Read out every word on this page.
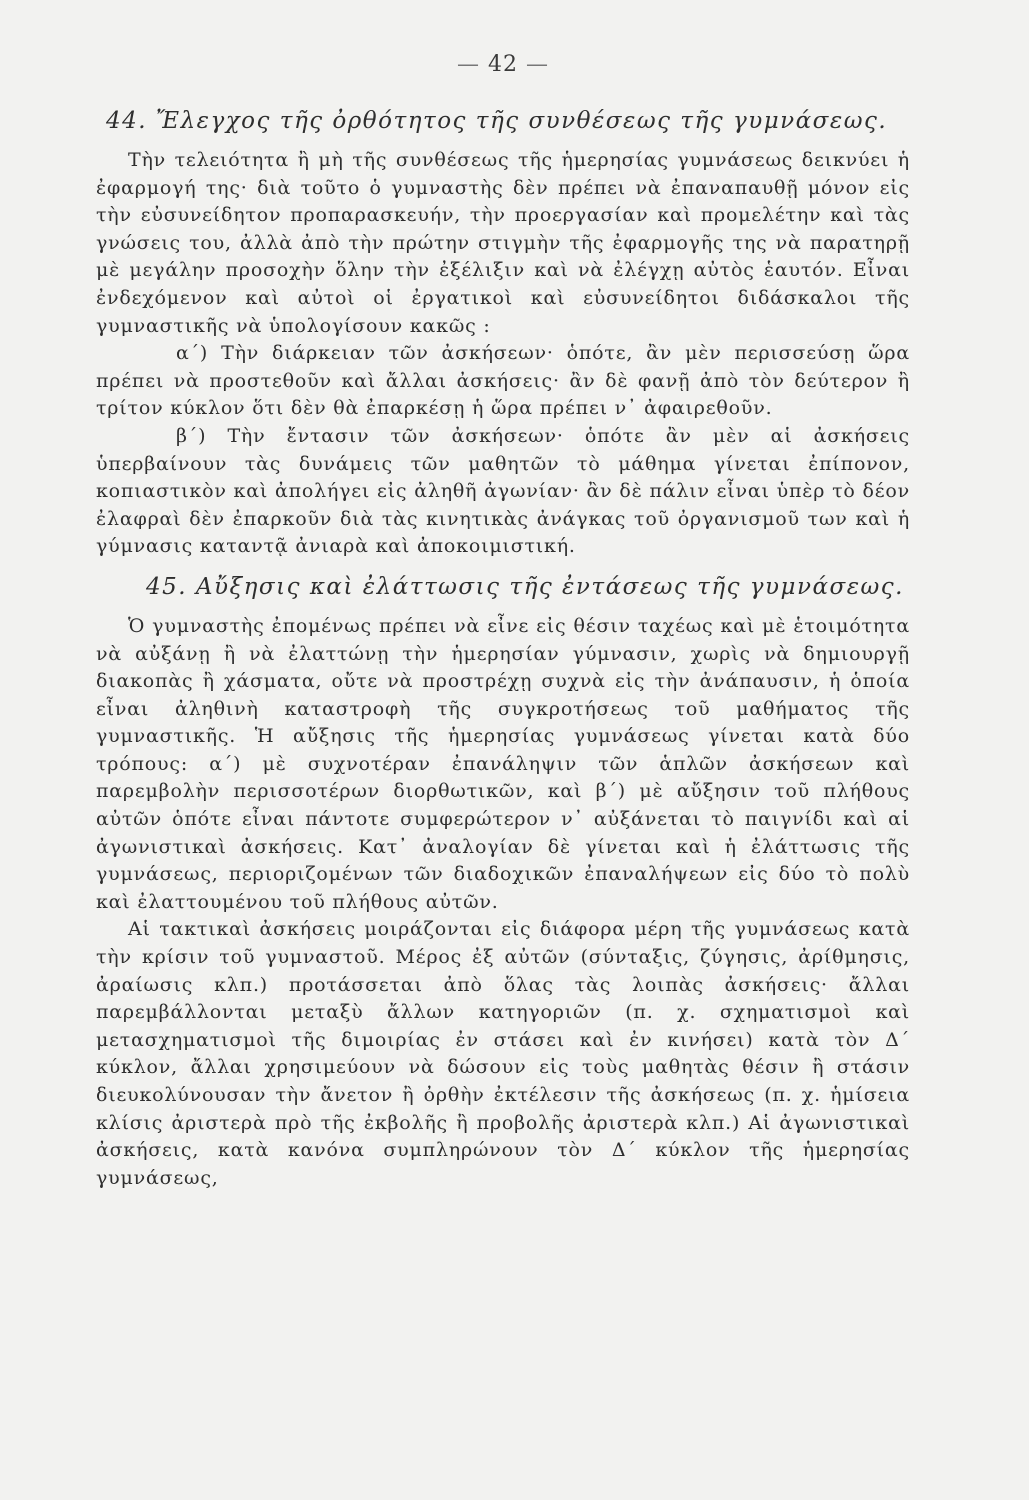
— 42 —
44. Ἔλεγχος τῆς ὀρθότητος τῆς συνθέσεως τῆς γυμνάσεως.

Τὴν τελειότητα ἢ μὴ τῆς συνθέσεως τῆς ἡμερησίας γυμνάσεως δεικνύει ἡ ἐφαρμογή της· διὰ τοῦτο ὁ γυμναστὴς δὲν πρέπει νὰ ἐπαναπαυθῇ μόνον εἰς τὴν εὐσυνείδητον προπαρασκευήν, τὴν προεργασίαν καὶ προμελέτην καὶ τὰς γνώσεις του, ἀλλὰ ἀπὸ τὴν πρώτην στιγμὴν τῆς ἐφαρμογῆς της νὰ παρατηρῇ μὲ μεγάλην προσοχὴν ὅλην τὴν ἐξέλιξιν καὶ νὰ ἐλέγχῃ αὐτὸς ἑαυτόν. Εἶναι ἐνδεχόμενον καὶ αὐτοὶ οἱ ἐργατικοὶ καὶ εὐσυνείδητοι διδάσκαλοι τῆς γυμναστικῆς νὰ ὑπολογίσουν κακῶς :

α΄) Τὴν διάρκειαν τῶν ἀσκήσεων· ὁπότε, ἂν μὲν περισσεύσῃ ὥρα πρέπει νὰ προστεθοῦν καὶ ἄλλαι ἀσκήσεις· ἂν δὲ φανῇ ἀπὸ τὸν δεύτερον ἢ τρίτον κύκλον ὅτι δὲν θὰ ἐπαρκέσῃ ἡ ὥρα πρέπει ν᾽ ἀφαιρεθοῦν.

β΄) Τὴν ἔντασιν τῶν ἀσκήσεων· ὁπότε ἂν μὲν αἱ ἀσκήσεις ὑπερβαίνουν τὰς δυνάμεις τῶν μαθητῶν τὸ μάθημα γίνεται ἐπίπονον, κοπιαστικὸν καὶ ἀπολήγει εἰς ἀληθῆ ἀγωνίαν· ἂν δὲ πάλιν εἶναι ὑπὲρ τὸ δέον ἐλαφραὶ δὲν ἐπαρκοῦν διὰ τὰς κινητικὰς ἀνάγκας τοῦ ὀργανισμοῦ των καὶ ἡ γύμνασις καταντᾷ ἀνιαρὰ καὶ ἀποκοιμιστική.

45. Αὔξησις καὶ ἐλάττωσις τῆς ἐντάσεως τῆς γυμνάσεως.

Ὁ γυμναστὴς ἐπομένως πρέπει νὰ εἶνε εἰς θέσιν ταχέως καὶ μὲ ἑτοιμότητα νὰ αὐξάνῃ ἢ νὰ ἐλαττώνῃ τὴν ἡμερησίαν γύμνασιν, χωρὶς νὰ δημιουργῇ διακοπὰς ἢ χάσματα, οὔτε νὰ προστρέχῃ συχνὰ εἰς τὴν ἀνάπαυσιν, ἡ ὁποία εἶναι ἀληθινὴ καταστροφὴ τῆς συγκροτήσεως τοῦ μαθήματος τῆς γυμναστικῆς. Ἡ αὔξησις τῆς ἡμερησίας γυμνάσεως γίνεται κατὰ δύο τρόπους: α΄) μὲ συχνοτέραν ἐπανάληψιν τῶν ἁπλῶν ἀσκήσεων καὶ παρεμβολὴν περισσοτέρων διορθωτικῶν, καὶ β΄) μὲ αὔξησιν τοῦ πλήθους αὐτῶν ὁπότε εἶναι πάντοτε συμφερώτερον ν᾽ αὐξάνεται τὸ παιγνίδι καὶ αἱ ἀγωνιστικαὶ ἀσκήσεις. Κατ᾽ ἀναλογίαν δὲ γίνεται καὶ ἡ ἐλάττωσις τῆς γυμνάσεως, περιοριζομένων τῶν διαδοχικῶν ἐπαναλήψεων εἰς δύο τὸ πολὺ καὶ ἐλαττουμένου τοῦ πλήθους αὐτῶν.

Αἱ τακτικαὶ ἀσκήσεις μοιράζονται εἰς διάφορα μέρη τῆς γυμνάσεως κατὰ τὴν κρίσιν τοῦ γυμναστοῦ. Μέρος ἐξ αὐτῶν (σύνταξις, ζύγησις, ἀρίθμησις, ἀραίωσις κλπ.) προτάσσεται ἀπὸ ὅλας τὰς λοιπὰς ἀσκήσεις· ἄλλαι παρεμβάλλονται μεταξὺ ἄλλων κατηγοριῶν (π. χ. σχηματισμοὶ καὶ μετασχηματισμοὶ τῆς διμοιρίας ἐν στάσει καὶ ἐν κινήσει) κατὰ τὸν Δ΄ κύκλον, ἄλλαι χρησιμεύουν νὰ δώσουν εἰς τοὺς μαθητὰς θέσιν ἢ στάσιν διευκολύνουσαν τὴν ἄνετον ἢ ὀρθὴν ἐκτέλεσιν τῆς ἀσκήσεως (π. χ. ἡμίσεια κλίσις ἀριστερὰ πρὸ τῆς ἐκβολῆς ἢ προβολῆς ἀριστερὰ κλπ.) Αἱ ἀγωνιστικαὶ ἀσκήσεις, κατὰ κανόνα συμπληρώνουν τὸν Δ΄ κύκλον τῆς ἡμερησίας γυμνάσεως,
